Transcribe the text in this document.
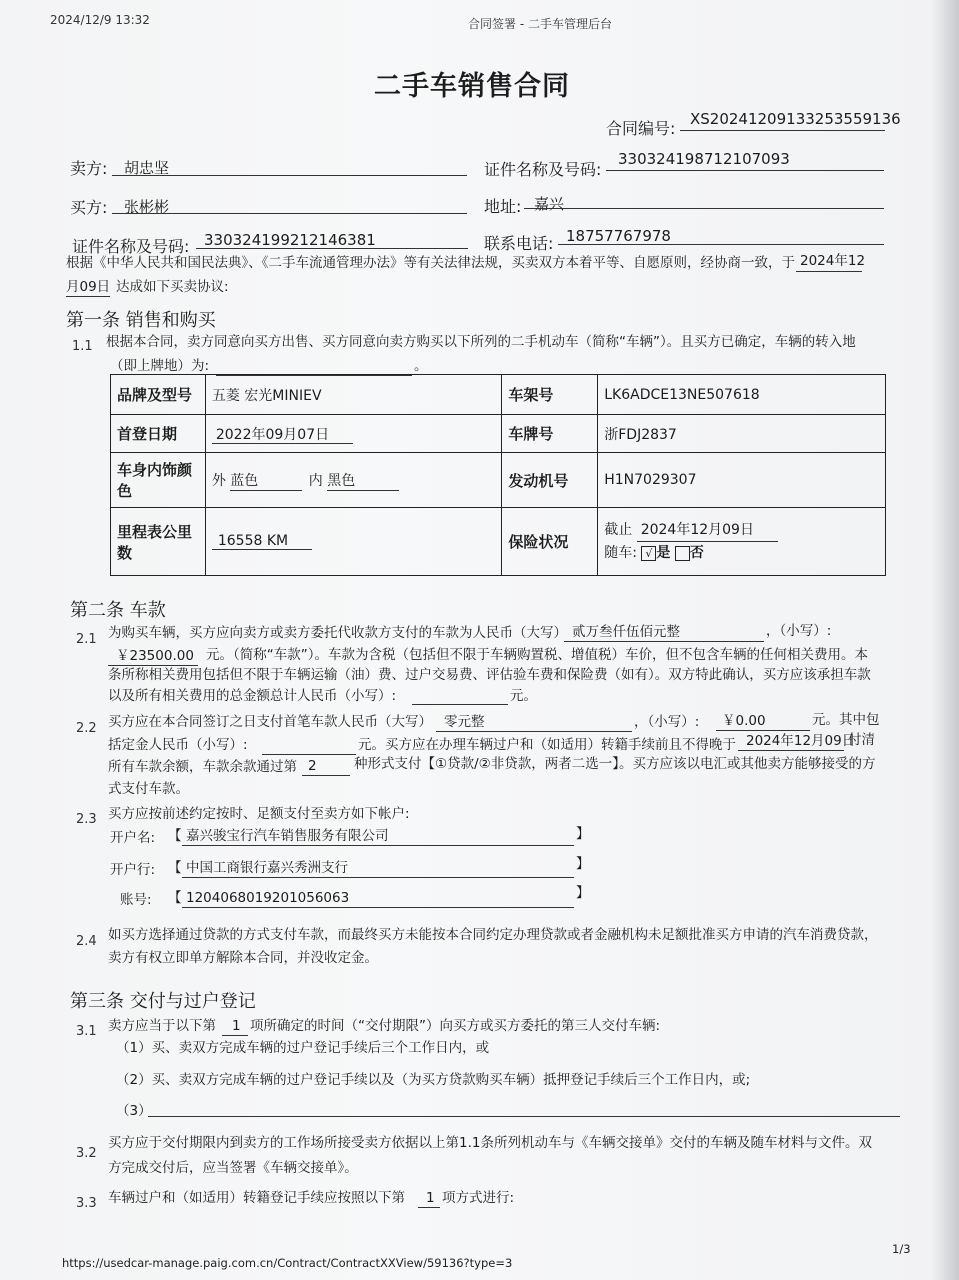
2024/12/9 13:32	合同签署 - 二手车管理后台
二手车销售合同
合同编号: XS20241209133253559136
卖方: 胡忠坚	证件名称及号码:
330324198712107093
买方: 张彬彬	地址: 嘉兴
证件名称及号码: 330324199212146381	联系电话: 18757767978
根据《中华人民共和国民法典》、《二手车流通管理办法》等有关法律法规，买卖双方本着平等、自愿原则，经协商一致，于 2024年12
月09日 达成如下买卖协议:
第一条 销售和购买
1.1 根据本合同，卖方同意向买方出售、买方同意向卖方购买以下所列的二手机动车（简称“车辆”）。且买方已确定，车辆的转入地
（即上牌地）为:	。
品牌及型号	五菱 宏光MINIEV	车架号	LK6ADCE13NE507618
首登日期	2022年09月07日	车牌号	浙FDJ2837
车身内饰颜
色	外 蓝色 内 黑色	发动机号	H1N7029307
里程表公里
数	16558 KM	保险状况	截止 2024年12月09日
随车: √ 是 否
第二条 车款
2.1 为购买车辆，买方应向卖方或卖方委托代收款方支付的车款为人民币（大写） 贰万叁仟伍佰元整	，（小写）:
￥23500.00 元。（简称“车款”）。车款为含税（包括但不限于车辆购置税、增值税）车价，但不包含车辆的任何相关费用。本
条所称相关费用包括但不限于车辆运输（油）费、过户交易费、评估验车费和保险费（如有）。双方特此确认，买方应该承担车款
以及所有相关费用的总金额总计人民币（小写）:	元。
2.2 买方应在本合同签订之日支付首笔车款人民币（大写） 零元整	，（小写）: ￥0.00	元。其中包
括定金人民币（小写）:	元。买方应在办理车辆过户和（如适用）转籍手续前且不得晚于 2024年12月09日
付清
所有车款余额，车款余款通过第 2	种形式支付【①贷款/②非贷款，两者二选一】。买方应该以电汇或其他卖方能够接受的方
式支付车款。
2.3 买方应按前述约定按时、足额支付至卖方如下帐户:
开户名: 【 嘉兴骏宝行汽车销售服务有限公司	】
开户行: 【 中国工商银行嘉兴秀洲支行	】
账号: 【 1204068019201056063	】
2.4 如买方选择通过贷款的方式支付车款，而最终买方未能按本合同约定办理贷款或者金融机构未足额批准买方申请的汽车消费贷款，
卖方有权立即单方解除本合同，并没收定金。
第三条 交付与过户登记
3.1 卖方应当于以下第 1 项所确定的时间（“交付期限”）向买方或买方委托的第三人交付车辆:
（1）买、卖双方完成车辆的过户登记手续后三个工作日内，或
（2）买、卖双方完成车辆的过户登记手续以及（为买方贷款购买车辆）抵押登记手续后三个工作日内，或;
（3）
3.2
买方应于交付期限内到卖方的工作场所接受卖方依据以上第1.1条所列机动车与《车辆交接单》交付的车辆及随车材料与文件。双
方完成交付后，应当签署《车辆交接单》。
3.3 车辆过户和（如适用）转籍登记手续应按照以下第 1 项方式进行:
https://usedcar-manage.paig.com.cn/Contract/ContractXXView/59136?type=3
1/3
